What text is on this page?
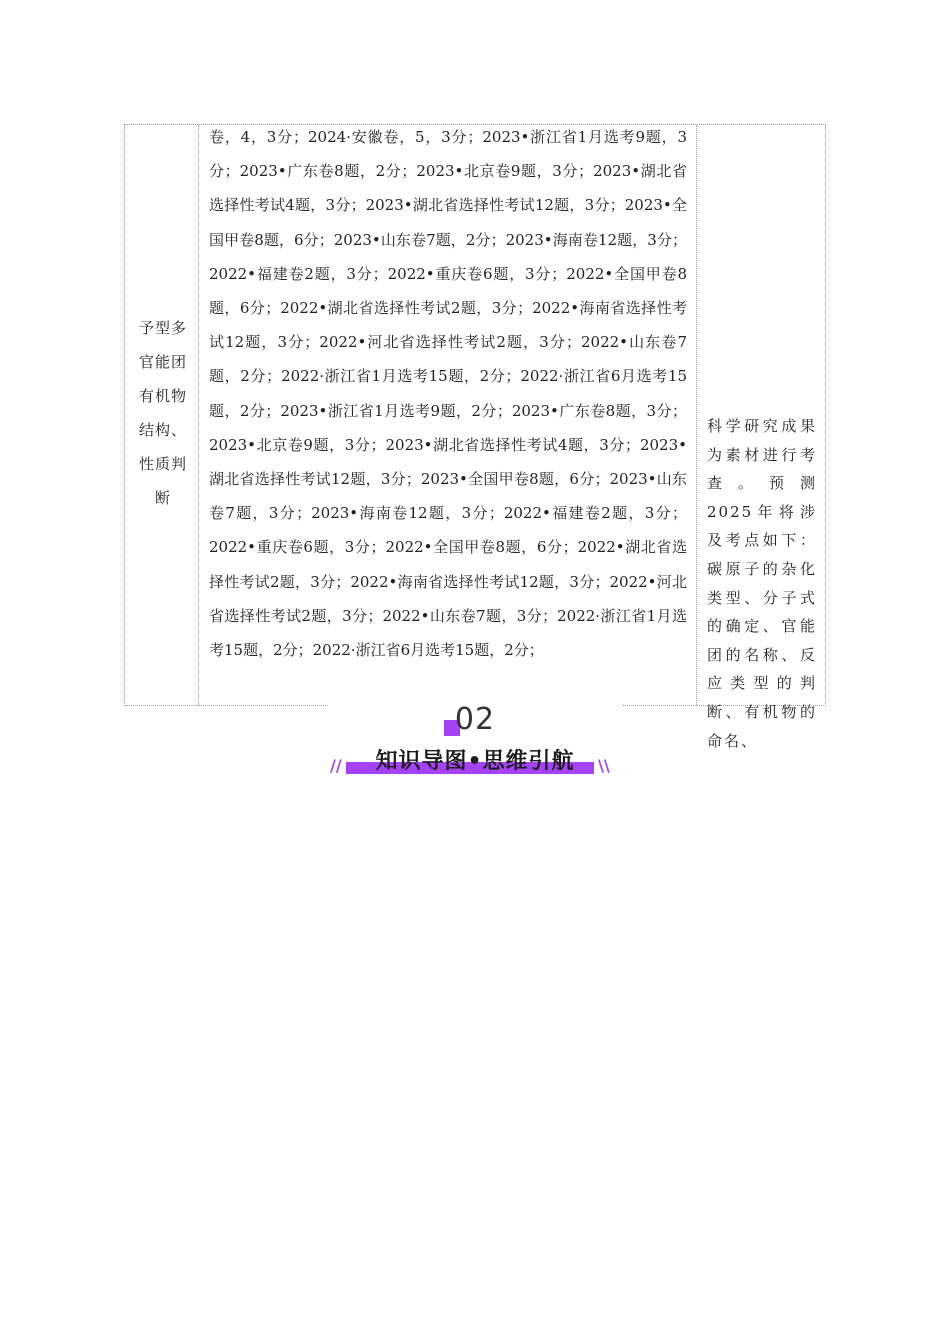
予型多官能团有机物结构、性质判断
卷，4，3分；2024·安徽卷，5，3分；2023•浙江省1月选考9题，3分；2023•广东卷8题，2分；2023•北京卷9题，3分；2023•湖北省选择性考试4题，3分；2023•湖北省选择性考试12题，3分；2023•全国甲卷8题，6分；2023•山东卷7题，2分；2023•海南卷12题，3分；2022•福建卷2题，3分；2022•重庆卷6题，3分；2022•全国甲卷8题，6分；2022•湖北省选择性考试2题，3分；2022•海南省选择性考试12题，3分；2022•河北省选择性考试2题，3分；2022•山东卷7题，2分；2022·浙江省1月选考15题，2分；2022·浙江省6月选考15题，2分；2023•浙江省1月选考9题，2分；2023•广东卷8题，3分；2023•北京卷9题，3分；2023•湖北省选择性考试4题，3分；2023•湖北省选择性考试12题，3分；2023•全国甲卷8题，6分；2023•山东卷7题，3分；2023•海南卷12题，3分；2022•福建卷2题，3分；2022•重庆卷6题，3分；2022•全国甲卷8题，6分；2022•湖北省选择性考试2题，3分；2022•海南省选择性考试12题，3分；2022•河北省选择性考试2题，3分；2022•山东卷7题，3分；2022·浙江省1月选考15题，2分；2022·浙江省6月选考15题，2分；
科学研究成果为素材进行考查。预测2025年将涉及考点如下：碳原子的杂化类型、分子式的确定、官能团的名称、反应类型的判断、有机物的命名、
02
知识导图•思维引航
//	\\
